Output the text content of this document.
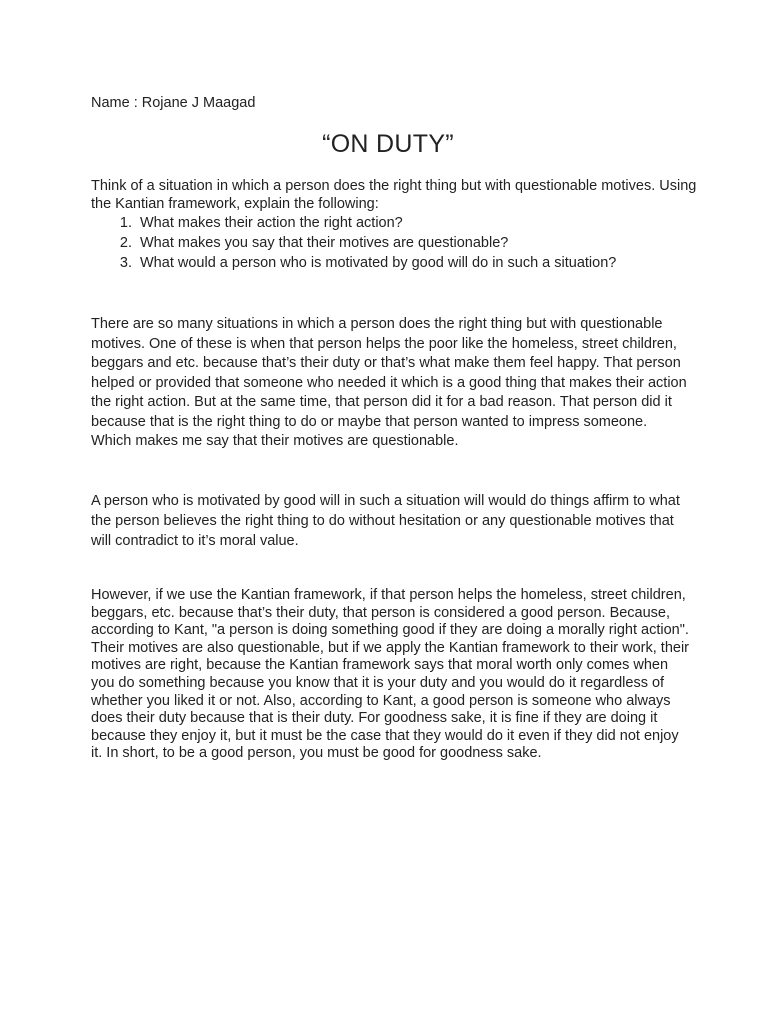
Name : Rojane J Maagad
“ON DUTY”

Think of a situation in which a person does the right thing but with questionable motives. Using the Kantian framework, explain the following:

1. What makes their action the right action?
2. What makes you say that their motives are questionable?
3. What would a person who is motivated by good will do in such a situation?

There are so many situations in which a person does the right thing but with questionable motives. One of these is when that person helps the poor like the homeless, street children, beggars and etc. because that’s their duty or that’s what make them feel happy. That person helped or provided that someone who needed it which is a good thing that makes their action the right action. But at the same time, that person did it for a bad reason. That person did it because that is the right thing to do or maybe that person wanted to impress someone. Which makes me say that their motives are questionable.

A person who is motivated by good will in such a situation will would do things affirm to what the person believes the right thing to do without hesitation or any questionable motives that will contradict to it’s moral value.

However, if we use the Kantian framework, if that person helps the homeless, street children, beggars, etc. because that’s their duty, that person is considered a good person. Because, according to Kant, "a person is doing something good if they are doing a morally right action". Their motives are also questionable, but if we apply the Kantian framework to their work, their motives are right, because the Kantian framework says that moral worth only comes when you do something because you know that it is your duty and you would do it regardless of whether you liked it or not. Also, according to Kant, a good person is someone who always does their duty because that is their duty. For goodness sake, it is fine if they are doing it because they enjoy it, but it must be the case that they would do it even if they did not enjoy it. In short, to be a good person, you must be good for goodness sake.
